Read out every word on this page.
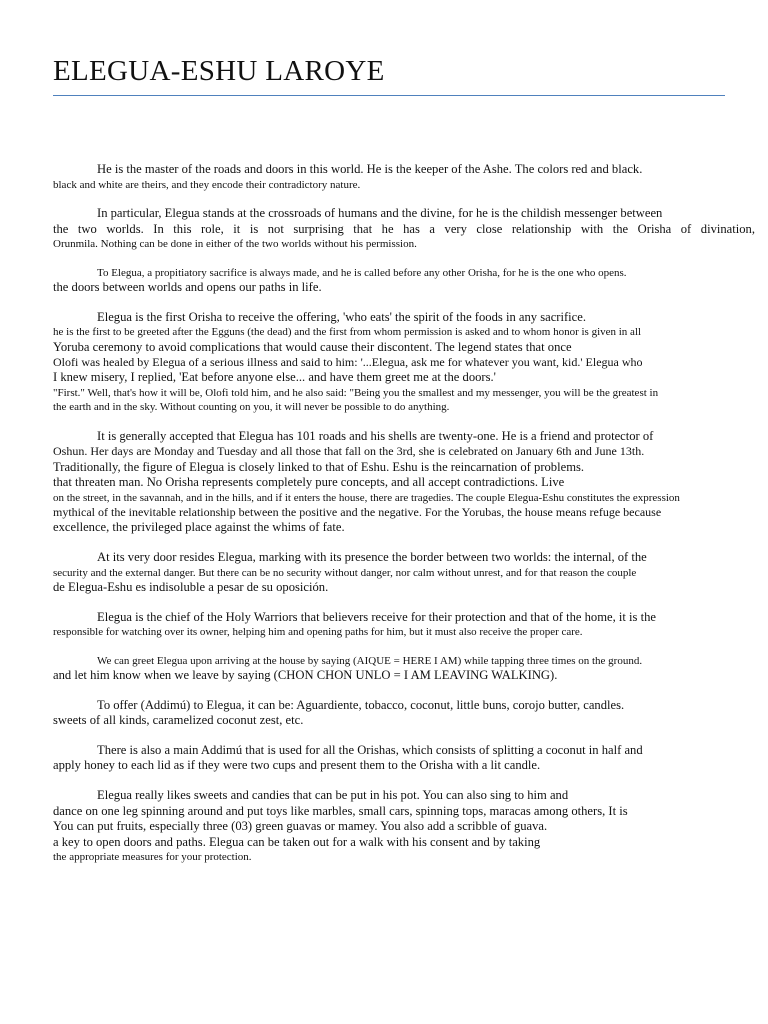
ELEGUA-ESHU LAROYE
He is the master of the roads and doors in this world. He is the keeper of the Ashe. The colors red and black.
black and white are theirs, and they encode their contradictory nature.
In particular, Elegua stands at the crossroads of humans and the divine, for he is the childish messenger between
the two worlds. In this role, it is not surprising that he has a very close relationship with the Orisha of divination,
Orunmila. Nothing can be done in either of the two worlds without his permission.
To Elegua, a propitiatory sacrifice is always made, and he is called before any other Orisha, for he is the one who opens.
the doors between worlds and opens our paths in life.
Elegua is the first Orisha to receive the offering, 'who eats' the spirit of the foods in any sacrifice.
he is the first to be greeted after the Egguns (the dead) and the first from whom permission is asked and to whom honor is given in all
Yoruba ceremony to avoid complications that would cause their discontent. The legend states that once
Olofi was healed by Elegua of a serious illness and said to him: '...Elegua, ask me for whatever you want, kid.' Elegua who
I knew misery, I replied, 'Eat before anyone else... and have them greet me at the doors.'
"First." Well, that's how it will be, Olofi told him, and he also said: "Being you the smallest and my messenger, you will be the greatest in
the earth and in the sky. Without counting on you, it will never be possible to do anything.
It is generally accepted that Elegua has 101 roads and his shells are twenty-one. He is a friend and protector of
Oshun. Her days are Monday and Tuesday and all those that fall on the 3rd, she is celebrated on January 6th and June 13th.
Traditionally, the figure of Elegua is closely linked to that of Eshu. Eshu is the reincarnation of problems.
that threaten man. No Orisha represents completely pure concepts, and all accept contradictions. Live
on the street, in the savannah, and in the hills, and if it enters the house, there are tragedies. The couple Elegua-Eshu constitutes the expression
mythical of the inevitable relationship between the positive and the negative. For the Yorubas, the house means refuge because
excellence, the privileged place against the whims of fate.
At its very door resides Elegua, marking with its presence the border between two worlds: the internal, of the
security and the external danger. But there can be no security without danger, nor calm without unrest, and for that reason the couple
de Elegua-Eshu es indisoluble a pesar de su oposición.
Elegua is the chief of the Holy Warriors that believers receive for their protection and that of the home, it is the
responsible for watching over its owner, helping him and opening paths for him, but it must also receive the proper care.
We can greet Elegua upon arriving at the house by saying (AIQUE = HERE I AM) while tapping three times on the ground.
and let him know when we leave by saying (CHON CHON UNLO = I AM LEAVING WALKING).
To offer (Addimú) to Elegua, it can be: Aguardiente, tobacco, coconut, little buns, corojo butter, candles.
sweets of all kinds, caramelized coconut zest, etc.
There is also a main Addimú that is used for all the Orishas, which consists of splitting a coconut in half and
apply honey to each lid as if they were two cups and present them to the Orisha with a lit candle.
Elegua really likes sweets and candies that can be put in his pot. You can also sing to him and
dance on one leg spinning around and put toys like marbles, small cars, spinning tops, maracas among others, It is
You can put fruits, especially three (03) green guavas or mamey. You also add a scribble of guava.
a key to open doors and paths. Elegua can be taken out for a walk with his consent and by taking
the appropriate measures for your protection.
